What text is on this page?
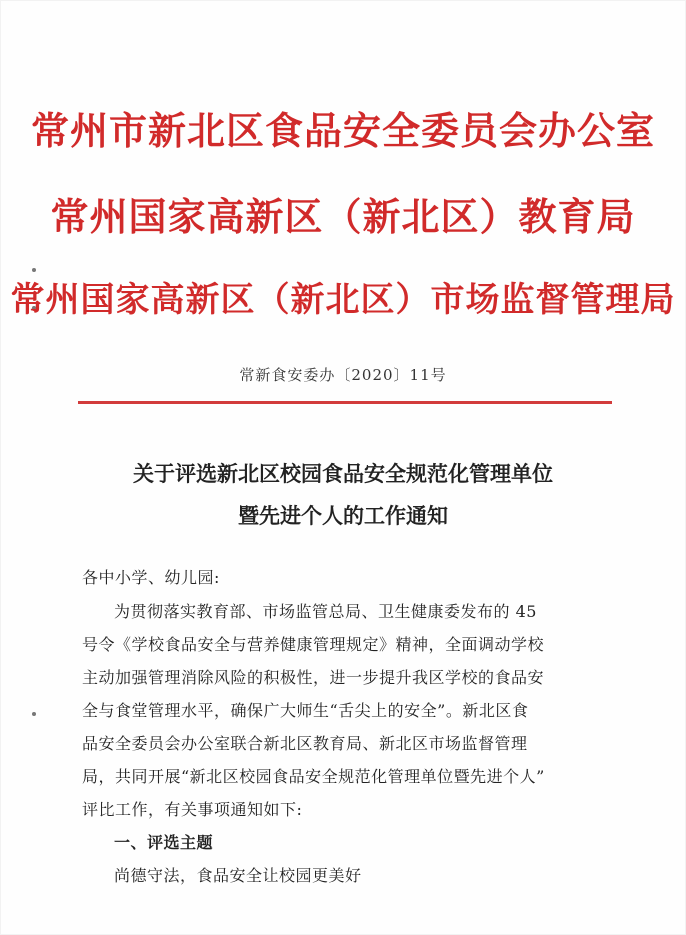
常州市新北区食品安全委员会办公室
常州国家高新区（新北区）教育局
常州国家高新区（新北区）市场监督管理局
常新食安委办〔2020〕11号
关于评选新北区校园食品安全规范化管理单位
暨先进个人的工作通知
各中小学、幼儿园:
为贯彻落实教育部、市场监管总局、卫生健康委发布的 45
号令《学校食品安全与营养健康管理规定》精神，全面调动学校
主动加强管理消除风险的积极性，进一步提升我区学校的食品安
全与食堂管理水平，确保广大师生“舌尖上的安全”。新北区食
品安全委员会办公室联合新北区教育局、新北区市场监督管理
局，共同开展“新北区校园食品安全规范化管理单位暨先进个人”
评比工作，有关事项通知如下:
一、评选主题
尚德守法，食品安全让校园更美好
